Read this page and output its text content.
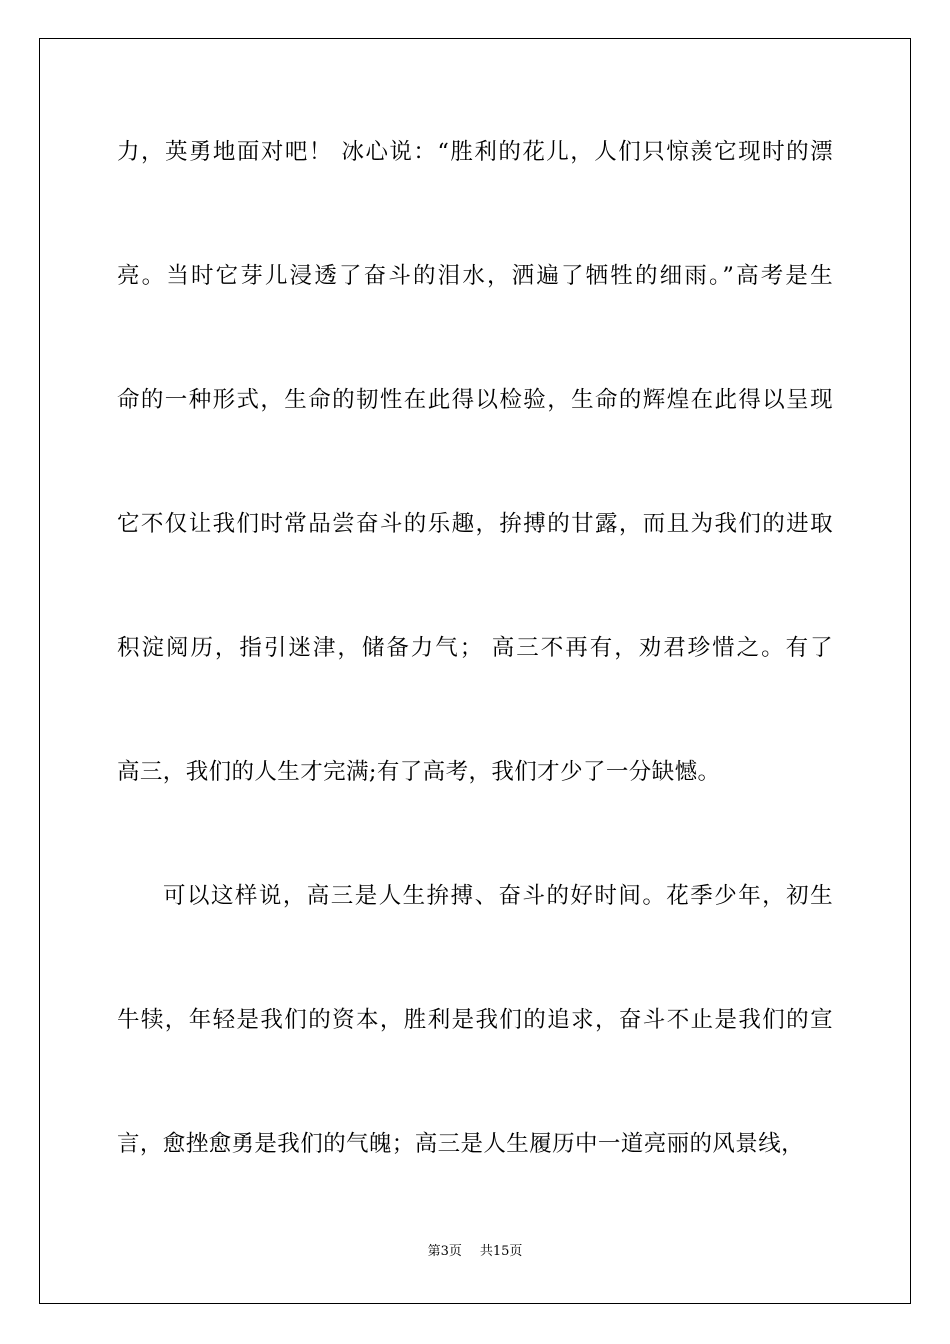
力，英勇地面对吧！ 冰心说：“胜利的花儿，人们只惊羡它现时的漂
亮。当时它芽儿浸透了奋斗的泪水，洒遍了牺牲的细雨。”高考是生
命的一种形式，生命的韧性在此得以检验，生命的辉煌在此得以呈现
它不仅让我们时常品尝奋斗的乐趣，拚搏的甘露，而且为我们的进取
积淀阅历，指引迷津，储备力气； 高三不再有，劝君珍惜之。有了
高三，我们的人生才完满;有了高考，我们才少了一分缺憾。
可以这样说，高三是人生拚搏、奋斗的好时间。花季少年，初生
牛犊，年轻是我们的资本，胜利是我们的追求，奋斗不止是我们的宣
言，愈挫愈勇是我们的气魄；高三是人生履历中一道亮丽的风景线，
第3页 共15页
